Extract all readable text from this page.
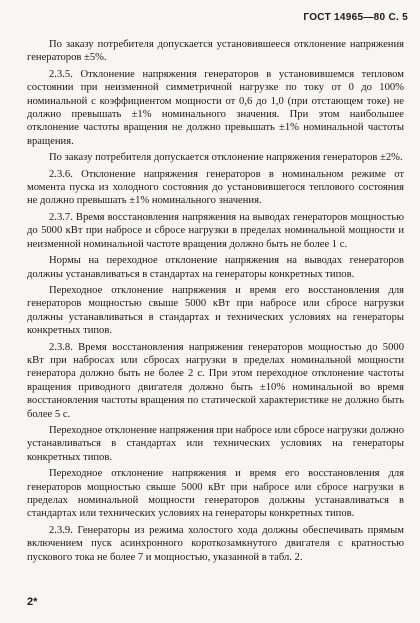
ГОСТ 14965—80 С. 5

По заказу потребителя допускается установившееся отклонение напряжения генераторов ±5%.

2.3.5. Отклонение напряжения генераторов в установившемся тепловом состоянии при неизменной симметричной нагрузке по току от 0 до 100% номинальной с коэффициентом мощности от 0,6 до 1,0 (при отстающем токе) не должно превышать ±1% номинального значения. При этом наибольшее отклонение частоты вращения не должно превышать ±1% номинальной частоты вращения.

По заказу потребителя допускается отклонение напряжения генераторов ±2%.

2.3.6. Отклонение напряжения генераторов в номинальном режиме от момента пуска из холодного состояния до установившегося теплового состояния не должно превышать ±1% номинального значения.

2.3.7. Время восстановления напряжения на выводах генераторов мощностью до 5000 кВт при набросе и сбросе нагрузки в пределах номинальной мощности и неизменной номинальной частоте вращения должно быть не более 1 с.

Нормы на переходное отклонение напряжения на выводах генераторов должны устанавливаться в стандартах на генераторы конкретных типов.

Переходное отклонение напряжения и время его восстановления для генераторов мощностью свыше 5000 кВт при набросе или сбросе нагрузки должны устанавливаться в стандартах и технических условиях на генераторы конкретных типов.

2.3.8. Время восстановления напряжения генераторов мощностью до 5000 кВт при набросах или сбросах нагрузки в пределах номинальной мощности генератора должно быть не более 2 с. При этом переходное отклонение частоты вращения приводного двигателя должно быть ±10% номинальной во время восстановления частоты вращения по статической характеристике не должно быть более 5 с.

Переходное отклонение напряжения при набросе или сбросе нагрузки должно устанавливаться в стандартах или технических условиях на генераторы конкретных типов.

Переходное отклонение напряжения и время его восстановления для генераторов мощностью свыше 5000 кВт при набросе или сбросе нагрузки в пределах номинальной мощности генераторов должны устанавливаться в стандартах или технических условиях на генераторы конкретных типов.

2.3.9. Генераторы из режима холостого хода должны обеспечивать прямым включением пуск асинхронного короткозамкнутого двигателя с кратностью пускового тока не более 7 и мощностью, указанной в табл. 2.

2*
